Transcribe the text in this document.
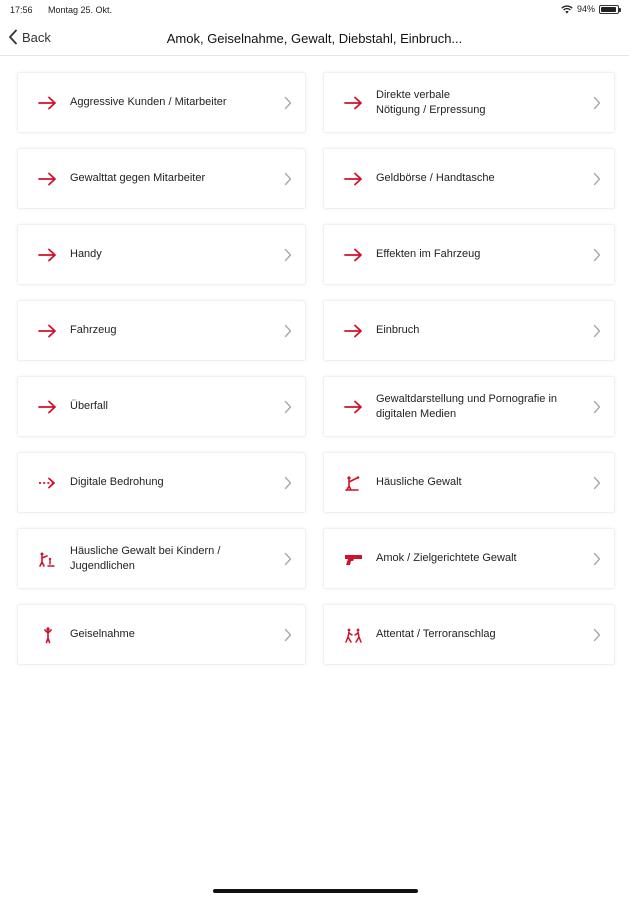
17:56 Montag 25. Okt.	94%
Back	Amok, Geiselnahme, Gewalt, Diebstahl, Einbruch...
Aggressive Kunden / Mitarbeiter
Direkte verbale
Nötigung / Erpressung
Gewalttat gegen Mitarbeiter	Geldbörse / Handtasche
Handy	Effekten im Fahrzeug
Fahrzeug	Einbruch
Überfall
Gewaltdarstellung und Pornografie in digitalen Medien
Digitale Bedrohung	Häusliche Gewalt
Häusliche Gewalt bei Kindern / Jugendlichen
Amok / Zielgerichtete Gewalt
Geiselnahme	Attentat / Terroranschlag
